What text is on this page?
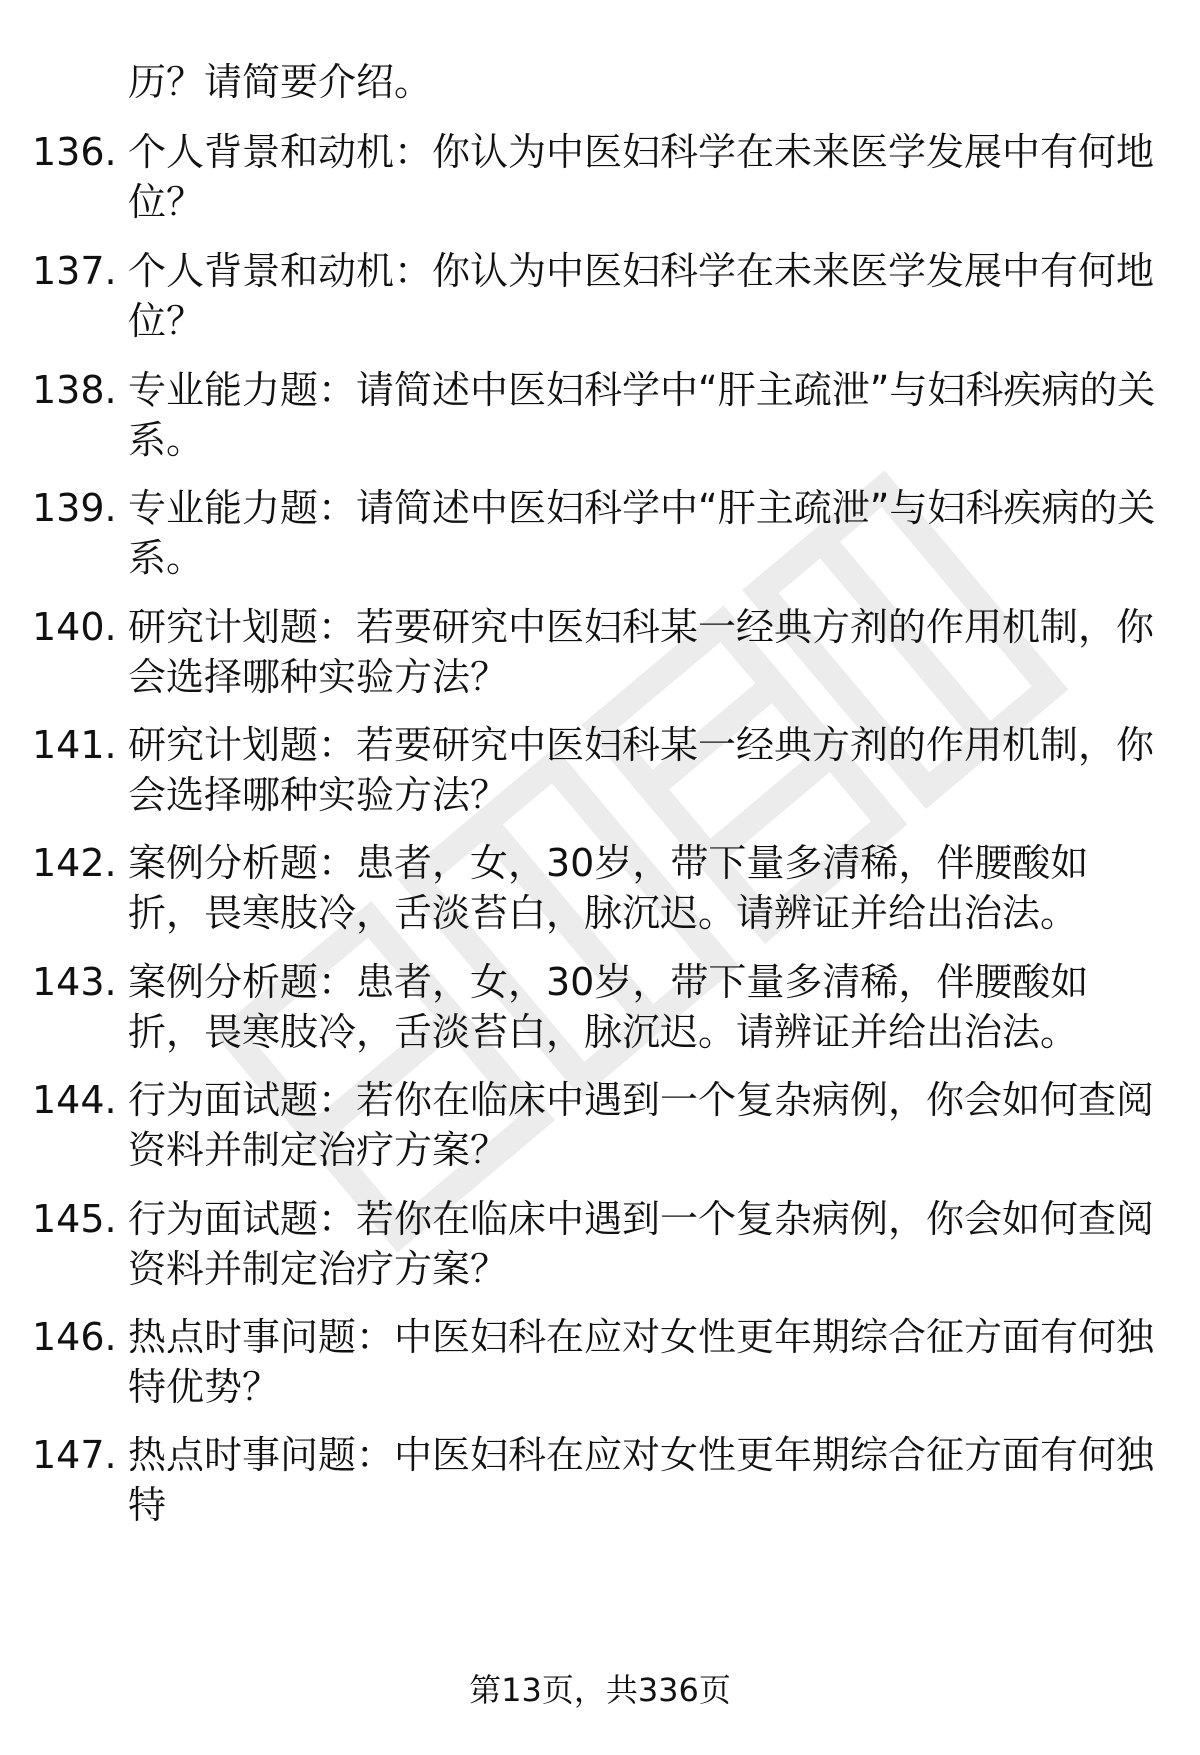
历？请简要介绍。
136. 个人背景和动机：你认为中医妇科学在未来医学发展中有何地位？
137. 个人背景和动机：你认为中医妇科学在未来医学发展中有何地位？
138. 专业能力题：请简述中医妇科学中“肝主疏泄”与妇科疾病的关系。
139. 专业能力题：请简述中医妇科学中“肝主疏泄”与妇科疾病的关系。
140. 研究计划题：若要研究中医妇科某一经典方剂的作用机制，你会选择哪种实验方法？
141. 研究计划题：若要研究中医妇科某一经典方剂的作用机制，你会选择哪种实验方法？
142. 案例分析题：患者，女，30岁，带下量多清稀，伴腰酸如折，畏寒肢冷，舌淡苔白，脉沉迟。请辨证并给出治法。
143. 案例分析题：患者，女，30岁，带下量多清稀，伴腰酸如折，畏寒肢冷，舌淡苔白，脉沉迟。请辨证并给出治法。
144. 行为面试题：若你在临床中遇到一个复杂病例，你会如何查阅资料并制定治疗方案？
145. 行为面试题：若你在临床中遇到一个复杂病例，你会如何查阅资料并制定治疗方案？
146. 热点时事问题：中医妇科在应对女性更年期综合征方面有何独特优势？
147. 热点时事问题：中医妇科在应对女性更年期综合征方面有何独特
第13页，共336页
